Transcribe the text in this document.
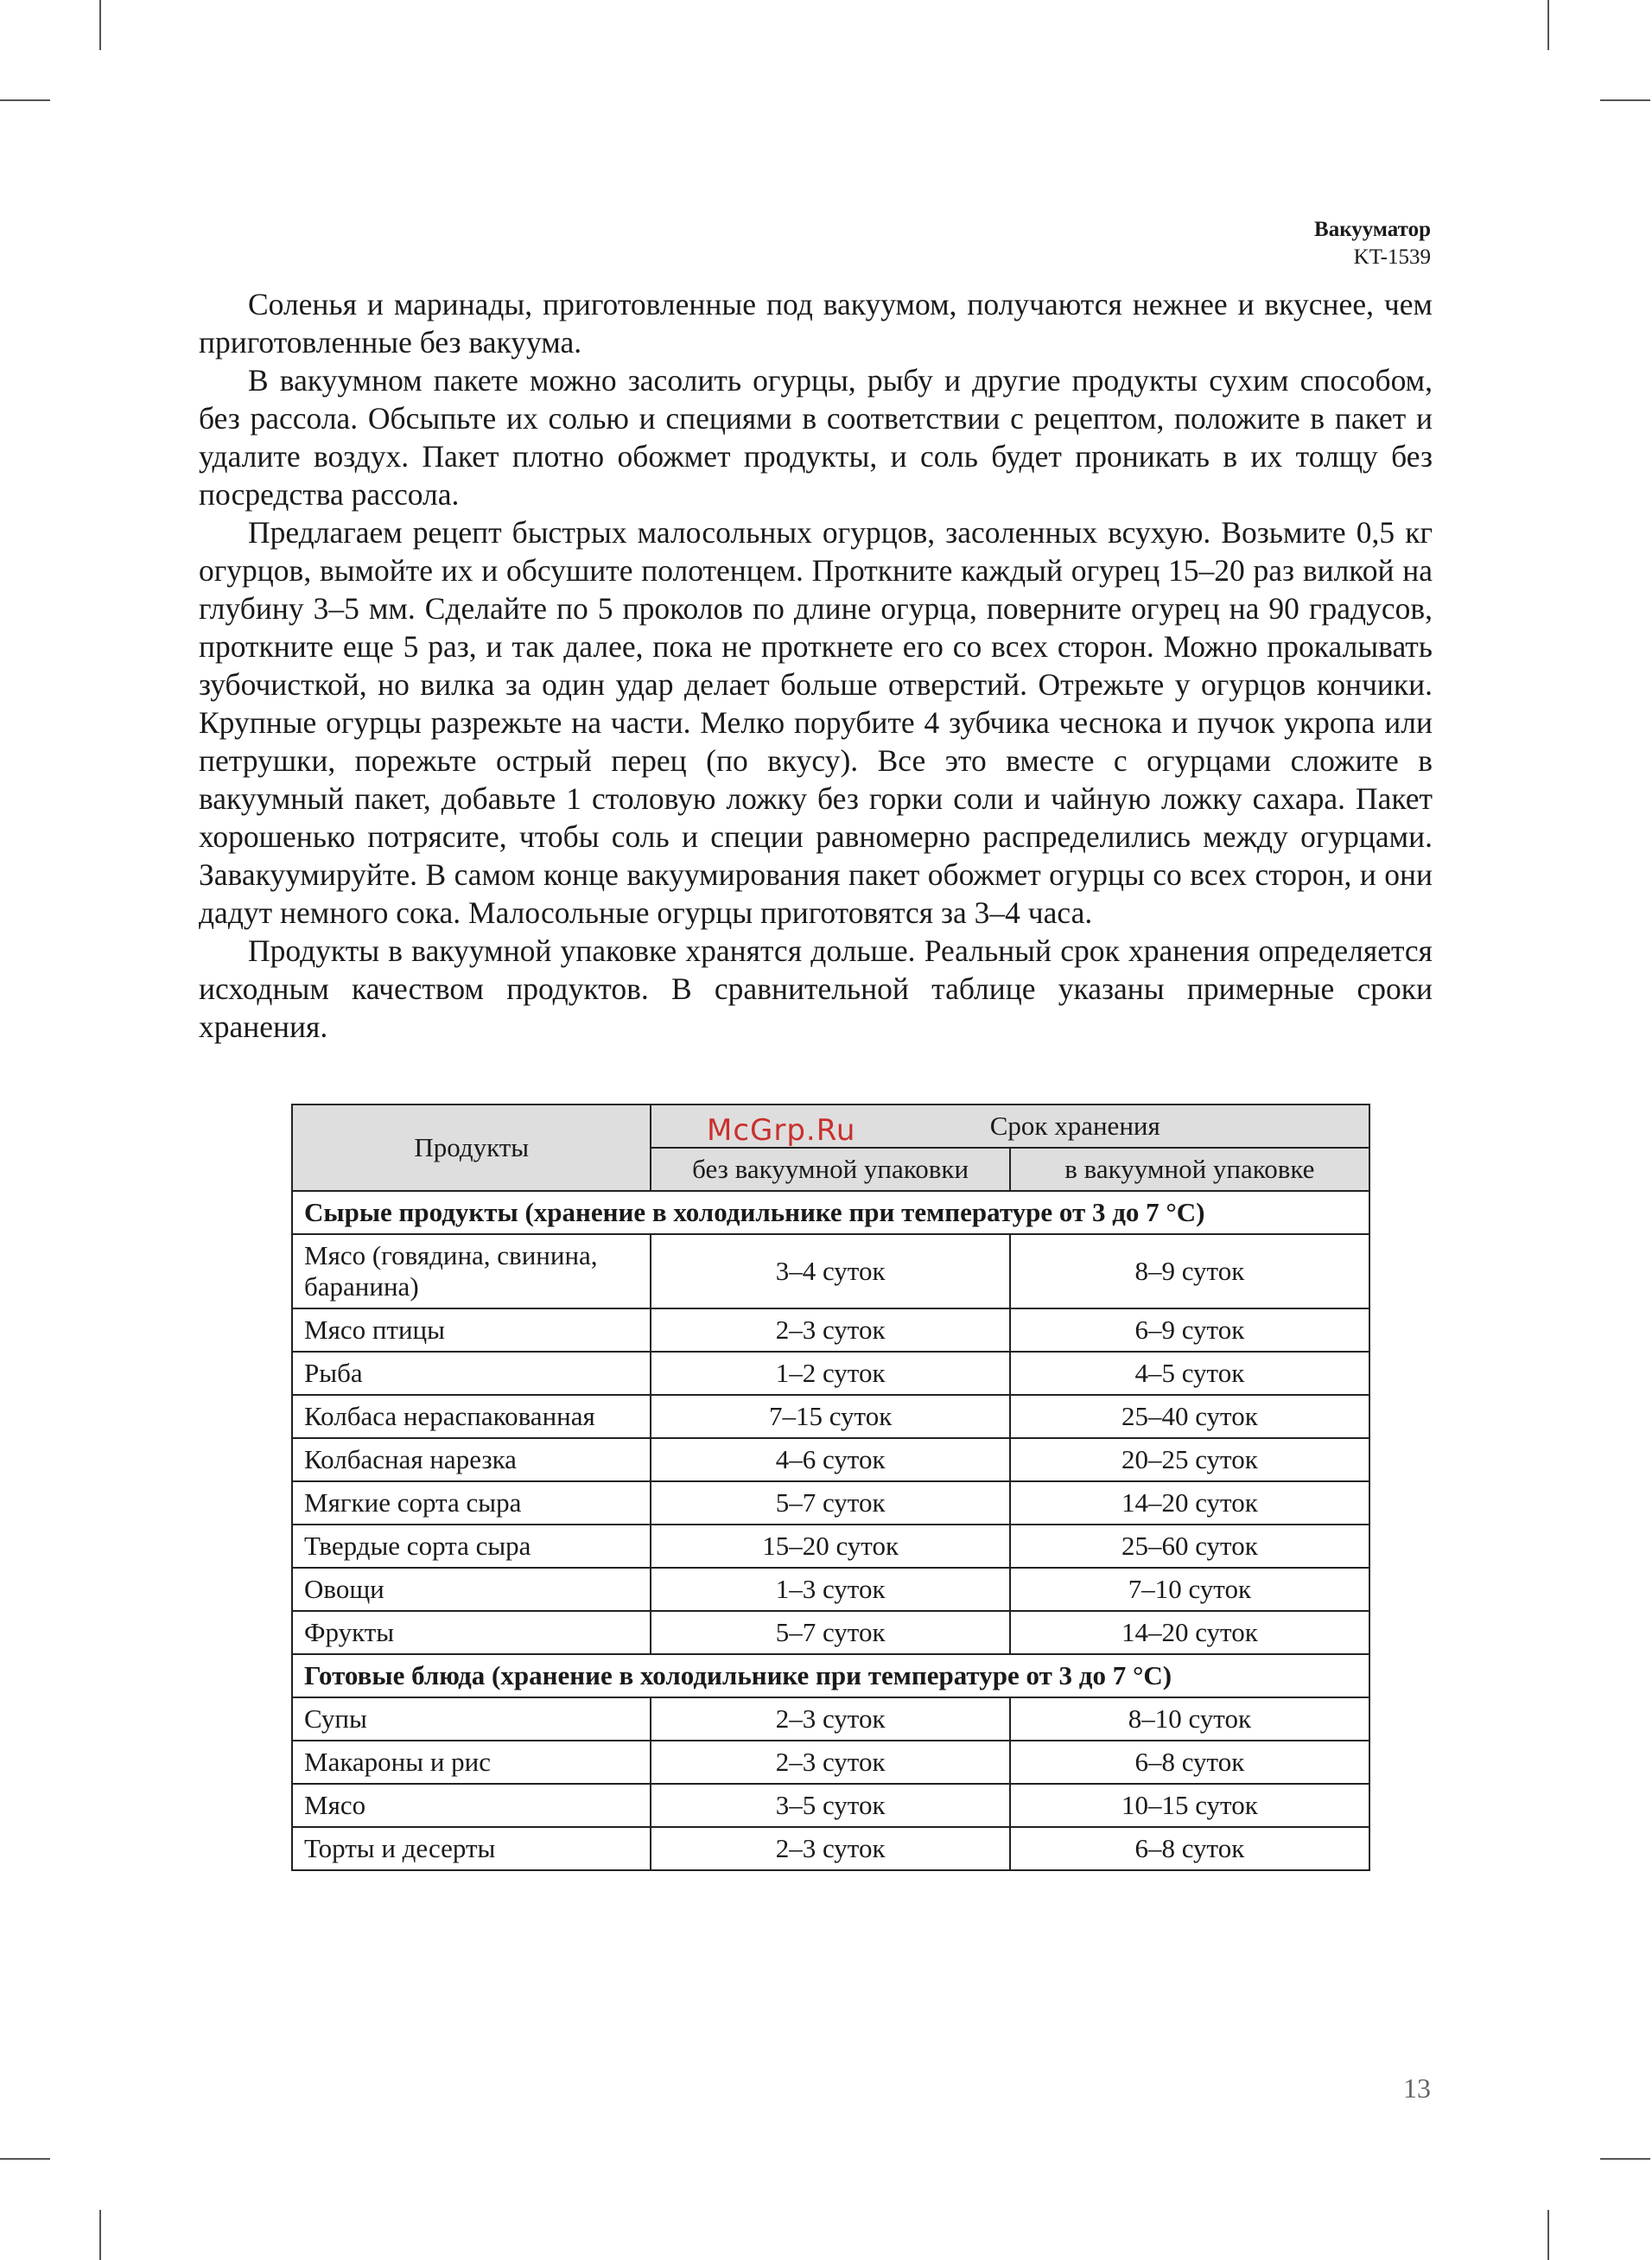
Вакууматор
KT-1539

Соленья и маринады, приготовленные под вакуумом, получаются нежнее и вкуснее, чем приготовленные без вакуума.

В вакуумном пакете можно засолить огурцы, рыбу и другие продукты сухим способом, без рассола. Обсыпьте их солью и специями в соответствии с рецептом, положите в пакет и удалите воздух. Пакет плотно обожмет продукты, и соль будет проникать в их толщу без посредства рассола.

Предлагаем рецепт быстрых малосольных огурцов, засоленных всухую. Возьмите 0,5 кг огурцов, вымойте их и обсушите полотенцем. Проткните каждый огурец 15–20 раз вилкой на глубину 3–5 мм. Сделайте по 5 проколов по длине огурца, поверните огурец на 90 градусов, проткните еще 5 раз, и так далее, пока не проткнете его со всех сторон. Можно прокалывать зубочисткой, но вилка за один удар делает больше отверстий. Отрежьте у огурцов кончики. Крупные огурцы разрежьте на части. Мелко порубите 4 зубчика чеснока и пучок укропа или петрушки, порежьте острый перец (по вкусу). Все это вместе с огурцами сложите в вакуумный пакет, добавьте 1 столовую ложку без горки соли и чайную ложку сахара. Пакет хорошенько потрясите, чтобы соль и специи равномерно распределились между огурцами. Завакуумируйте. В самом конце вакуумирования пакет обожмет огурцы со всех сторон, и они дадут немного сока. Малосольные огурцы приготовятся за 3–4 часа.

Продукты в вакуумной упаковке хранятся дольше. Реальный срок хранения определяется исходным качеством продуктов. В сравнительной таблице указаны примерные сроки хранения.

Продукты	Срок хранения	
	без вакуумной упаковки	в вакуумной упаковке
Сырые продукты (хранение в холодильнике при температуре от 3 до 7 °C)		
Мясо (говядина, свинина, баранина)	3–4 суток	8–9 суток
Мясо птицы	2–3 суток	6–9 суток
Рыба	1–2 суток	4–5 суток
Колбаса нераспакованная	7–15 суток	25–40 суток
Колбасная нарезка	4–6 суток	20–25 суток
Мягкие сорта сыра	5–7 суток	14–20 суток
Твердые сорта сыра	15–20 суток	25–60 суток
Овощи	1–3 суток	7–10 суток
Фрукты	5–7 суток	14–20 суток
Готовые блюда (хранение в холодильнике при температуре от 3 до 7 °C)		
Супы	2–3 суток	8–10 суток
Макароны и рис	2–3 суток	6–8 суток
Мясо	3–5 суток	10–15 суток
Торты и десерты	2–3 суток	6–8 суток
McGrp.Ru
13
